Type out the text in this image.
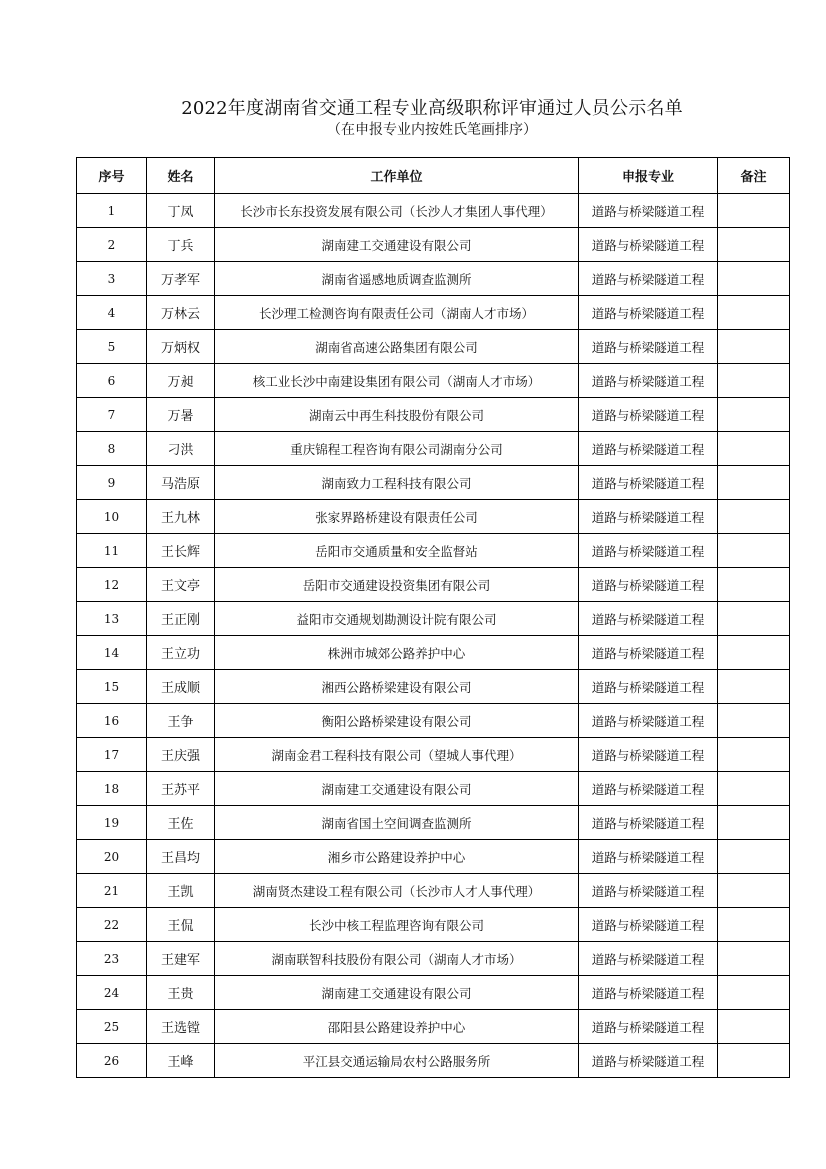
2022年度湖南省交通工程专业高级职称评审通过人员公示名单
（在申报专业内按姓氏笔画排序）
序号	姓名	工作单位	申报专业	备注
1	丁凤	长沙市长东投资发展有限公司（长沙人才集团人事代理）	道路与桥梁隧道工程	
2	丁兵	湖南建工交通建设有限公司	道路与桥梁隧道工程	
3	万孝军	湖南省遥感地质调查监测所	道路与桥梁隧道工程	
4	万林云	长沙理工检测咨询有限责任公司（湖南人才市场）	道路与桥梁隧道工程	
5	万炳权	湖南省高速公路集团有限公司	道路与桥梁隧道工程	
6	万昶	核工业长沙中南建设集团有限公司（湖南人才市场）	道路与桥梁隧道工程	
7	万暑	湖南云中再生科技股份有限公司	道路与桥梁隧道工程	
8	刁洪	重庆锦程工程咨询有限公司湖南分公司	道路与桥梁隧道工程	
9	马浩原	湖南致力工程科技有限公司	道路与桥梁隧道工程	
10	王九林	张家界路桥建设有限责任公司	道路与桥梁隧道工程	
11	王长辉	岳阳市交通质量和安全监督站	道路与桥梁隧道工程	
12	王文亭	岳阳市交通建设投资集团有限公司	道路与桥梁隧道工程	
13	王正刚	益阳市交通规划勘测设计院有限公司	道路与桥梁隧道工程	
14	王立功	株洲市城郊公路养护中心	道路与桥梁隧道工程	
15	王成顺	湘西公路桥梁建设有限公司	道路与桥梁隧道工程	
16	王争	衡阳公路桥梁建设有限公司	道路与桥梁隧道工程	
17	王庆强	湖南金君工程科技有限公司（望城人事代理）	道路与桥梁隧道工程	
18	王苏平	湖南建工交通建设有限公司	道路与桥梁隧道工程	
19	王佐	湖南省国土空间调查监测所	道路与桥梁隧道工程	
20	王昌均	湘乡市公路建设养护中心	道路与桥梁隧道工程	
21	王凯	湖南贤杰建设工程有限公司（长沙市人才人事代理）	道路与桥梁隧道工程	
22	王侃	长沙中核工程监理咨询有限公司	道路与桥梁隧道工程	
23	王建军	湖南联智科技股份有限公司（湖南人才市场）	道路与桥梁隧道工程	
24	王贵	湖南建工交通建设有限公司	道路与桥梁隧道工程	
25	王选镗	邵阳县公路建设养护中心	道路与桥梁隧道工程	
26	王峰	平江县交通运输局农村公路服务所	道路与桥梁隧道工程	
